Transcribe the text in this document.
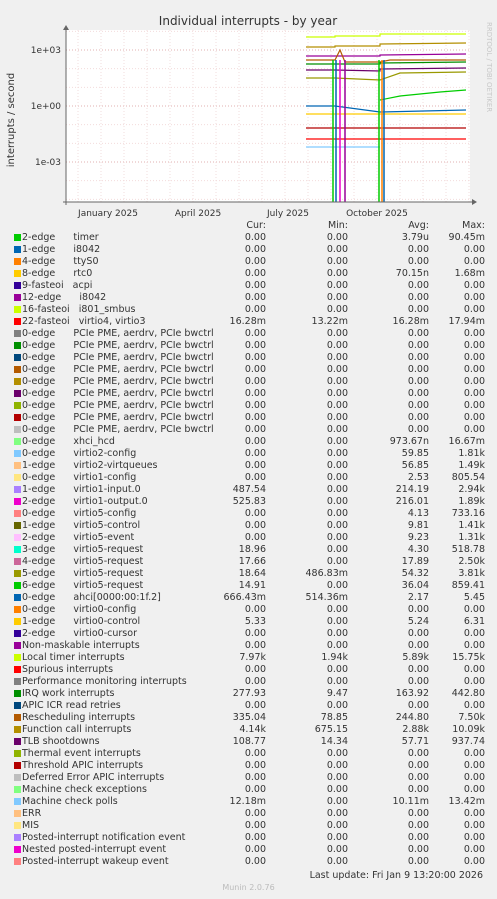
Individual interrupts - by year
interrupts / second
RRDTOOL / TOBI OETIKER
1e+03
1e+00
1e-03
January 2025	April 2025	July 2025	October 2025
Cur:	Min:	Avg:	Max:
2-edge      timer	0.00	0.00	3.79u	90.45m
1-edge      i8042	0.00	0.00	0.00	0.00
4-edge      ttyS0	0.00	0.00	0.00	0.00
8-edge      rtc0	0.00	0.00	70.15n	1.68m
9-fasteoi   acpi	0.00	0.00	0.00	0.00
12-edge      i8042	0.00	0.00	0.00	0.00
16-fasteoi   i801_smbus	0.00	0.00	0.00	0.00
22-fasteoi   virtio4, virtio3	16.28m	13.22m	16.28m	17.94m
0-edge      PCIe PME, aerdrv, PCIe bwctrl	0.00	0.00	0.00	0.00
0-edge      PCIe PME, aerdrv, PCIe bwctrl	0.00	0.00	0.00	0.00
0-edge      PCIe PME, aerdrv, PCIe bwctrl	0.00	0.00	0.00	0.00
0-edge      PCIe PME, aerdrv, PCIe bwctrl	0.00	0.00	0.00	0.00
0-edge      PCIe PME, aerdrv, PCIe bwctrl	0.00	0.00	0.00	0.00
0-edge      PCIe PME, aerdrv, PCIe bwctrl	0.00	0.00	0.00	0.00
0-edge      PCIe PME, aerdrv, PCIe bwctrl	0.00	0.00	0.00	0.00
0-edge      PCIe PME, aerdrv, PCIe bwctrl	0.00	0.00	0.00	0.00
0-edge      PCIe PME, aerdrv, PCIe bwctrl	0.00	0.00	0.00	0.00
0-edge      xhci_hcd	0.00	0.00	973.67n	16.67m
0-edge      virtio2-config	0.00	0.00	59.85	1.81k
1-edge      virtio2-virtqueues	0.00	0.00	56.85	1.49k
0-edge      virtio1-config	0.00	0.00	2.53	805.54
1-edge      virtio1-input.0	487.54	0.00	214.19	2.94k
2-edge      virtio1-output.0	525.83	0.00	216.01	1.89k
0-edge      virtio5-config	0.00	0.00	4.13	733.16
1-edge      virtio5-control	0.00	0.00	9.81	1.41k
2-edge      virtio5-event	0.00	0.00	9.23	1.31k
3-edge      virtio5-request	18.96	0.00	4.30	518.78
4-edge      virtio5-request	17.66	0.00	17.89	2.50k
5-edge      virtio5-request	18.64	486.83m	54.32	3.81k
6-edge      virtio5-request	14.91	0.00	36.04	859.41
0-edge      ahci[0000:00:1f.2]	666.43m	514.36m	2.17	5.45
0-edge      virtio0-config	0.00	0.00	0.00	0.00
1-edge      virtio0-control	5.33	0.00	5.24	6.31
2-edge      virtio0-cursor	0.00	0.00	0.00	0.00
Non-maskable interrupts	0.00	0.00	0.00	0.00
Local timer interrupts	7.97k	1.94k	5.89k	15.75k
Spurious interrupts	0.00	0.00	0.00	0.00
Performance monitoring interrupts	0.00	0.00	0.00	0.00
IRQ work interrupts	277.93	9.47	163.92	442.80
APIC ICR read retries	0.00	0.00	0.00	0.00
Rescheduling interrupts	335.04	78.85	244.80	7.50k
Function call interrupts	4.14k	675.15	2.88k	10.09k
TLB shootdowns	108.77	14.34	57.71	937.74
Thermal event interrupts	0.00	0.00	0.00	0.00
Threshold APIC interrupts	0.00	0.00	0.00	0.00
Deferred Error APIC interrupts	0.00	0.00	0.00	0.00
Machine check exceptions	0.00	0.00	0.00	0.00
Machine check polls	12.18m	0.00	10.11m	13.42m
ERR	0.00	0.00	0.00	0.00
MIS	0.00	0.00	0.00	0.00
Posted-interrupt notification event	0.00	0.00	0.00	0.00
Nested posted-interrupt event	0.00	0.00	0.00	0.00
Posted-interrupt wakeup event	0.00	0.00	0.00	0.00
Last update: Fri Jan 9 13:20:00 2026
Munin 2.0.76
